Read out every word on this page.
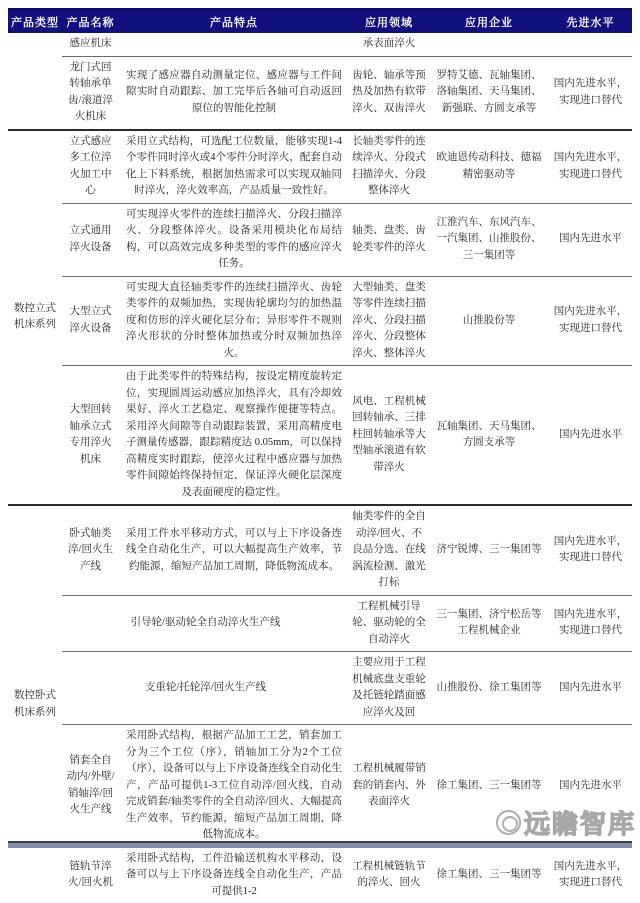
产品类型	产品名称	产品特点	应用领域	应用企业	先进水平
	感应机床		承表面淬火		
	龙门式回转轴承单齿/滚道淬火机床	实现了感应器自动测量定位、感应器与工件间隙实时自动跟踪、加工完毕后各轴可自动返回原位的智能化控制	齿轮、轴承等预热及加热有软带淬火、双齿淬火	罗特艾德、瓦轴集团、洛轴集团、天马集团、新强联、方圆支承等	国内先进水平，实现进口替代
数控立式机床系列	立式感应多工位淬火加工中心	采用立式结构，可选配工位数量，能够实现1-4个零件同时淬火或4个零件分时淬火，配套自动化上下料系统，根据加热需求可以实现双轴同时淬火，淬火效率高，产品质量一致性好。	长轴类零件的连续淬火、分段式扫描淬火、分段整体淬火	欧迪恩传动科技、德福精密驱动等	国内先进水平，实现进口替代
	立式通用淬火设备	可实现淬火零件的连续扫描淬火、分段扫描淬火、分段整体淬火。设备采用模块化布局结构，可以高效完成多种类型的零件的感应淬火任务。	轴类、盘类、齿轮类零件的淬火	江淮汽车、东风汽车、一汽集团、山推股份、三一集团等	国内先进水平
	大型立式淬火设备	可实现大直径轴类零件的连续扫描淬火、齿轮类零件的双频加热，实现齿轮廓均匀的加热温度和仿形的淬火硬化层分布；异形零件不规则淬火形状的分时整体加热或分时双频加热淬火。	大型轴类、盘类等零件连续扫描淬火、分段扫描淬火、分段整体淬火、整体淬火	山推股份等	国内先进水平，实现进口替代
	大型回转轴承立式专用淬火机床	由于此类零件的特殊结构，按设定精度旋转定位，实现圆周运动感应加热淬火，具有冷却效果好、淬火工艺稳定、观察操作便捷等特点。采用淬火间隙等自动跟踪装置，采用高精度电子测量传感器，跟踪精度达 0.05mm，可以保持高精度实时跟踪，使淬火过程中感应器与加热零件间隙始终保持恒定，保证淬火硬化层深度及表面硬度的稳定性。	风电、工程机械回转轴承、三排柱回转轴承等大型轴承滚道有软带淬火	瓦轴集团、天马集团、方圆支承等	国内先进水平
数控卧式机床系列	卧式轴类淬/回火生产线	采用工件水平移动方式，可以与上下序设备连线全自动化生产，可以大幅提高生产效率，节约能源，缩短产品加工周期，降低物流成本。	轴类零件的全自动淬/回火、不良品分选、在线涡流检测、激光打标	济宁锐博、三一集团等	国内先进水平，实现进口替代
	引导轮/驱动轮全自动淬火生产线		工程机械引导轮、驱动轮的全自动淬火	三一集团、济宁松岳等工程机械企业	国内先进水平，实现进口替代
	支重轮/托轮淬/回火生产线		主要应用于工程机械底盘支重轮及托链轮踏面感应淬火及回	山推股份、徐工集团等	国内先进水平
	销套全自动内/外壁/销轴淬/回火生产线	采用卧式结构，根据产品加工工艺，销套加工分为三个工位（序），销轴加工分为2个工位（序），设备可以与上下序设备连线全自动化生产，产品可提供1-3工位自动淬/回火线，自动完成销套/轴类零件的全自动淬/回火、大幅提高生产效率，节约能源，缩短产品加工周期，降低物流成本。	工程机械履带销套的销套内、外表面淬火	徐工集团、三一集团等	国内先进水平
	链轨节淬火/回火机	采用卧式结构，工件沿输送机构水平移动，设备可以与上下序设备连线全自动化生产，产品可提供1-2	工程机械链轨节的淬火、回火	徐工集团、三一集团等	国内先进水平，实现进口替代
远瞻智库
